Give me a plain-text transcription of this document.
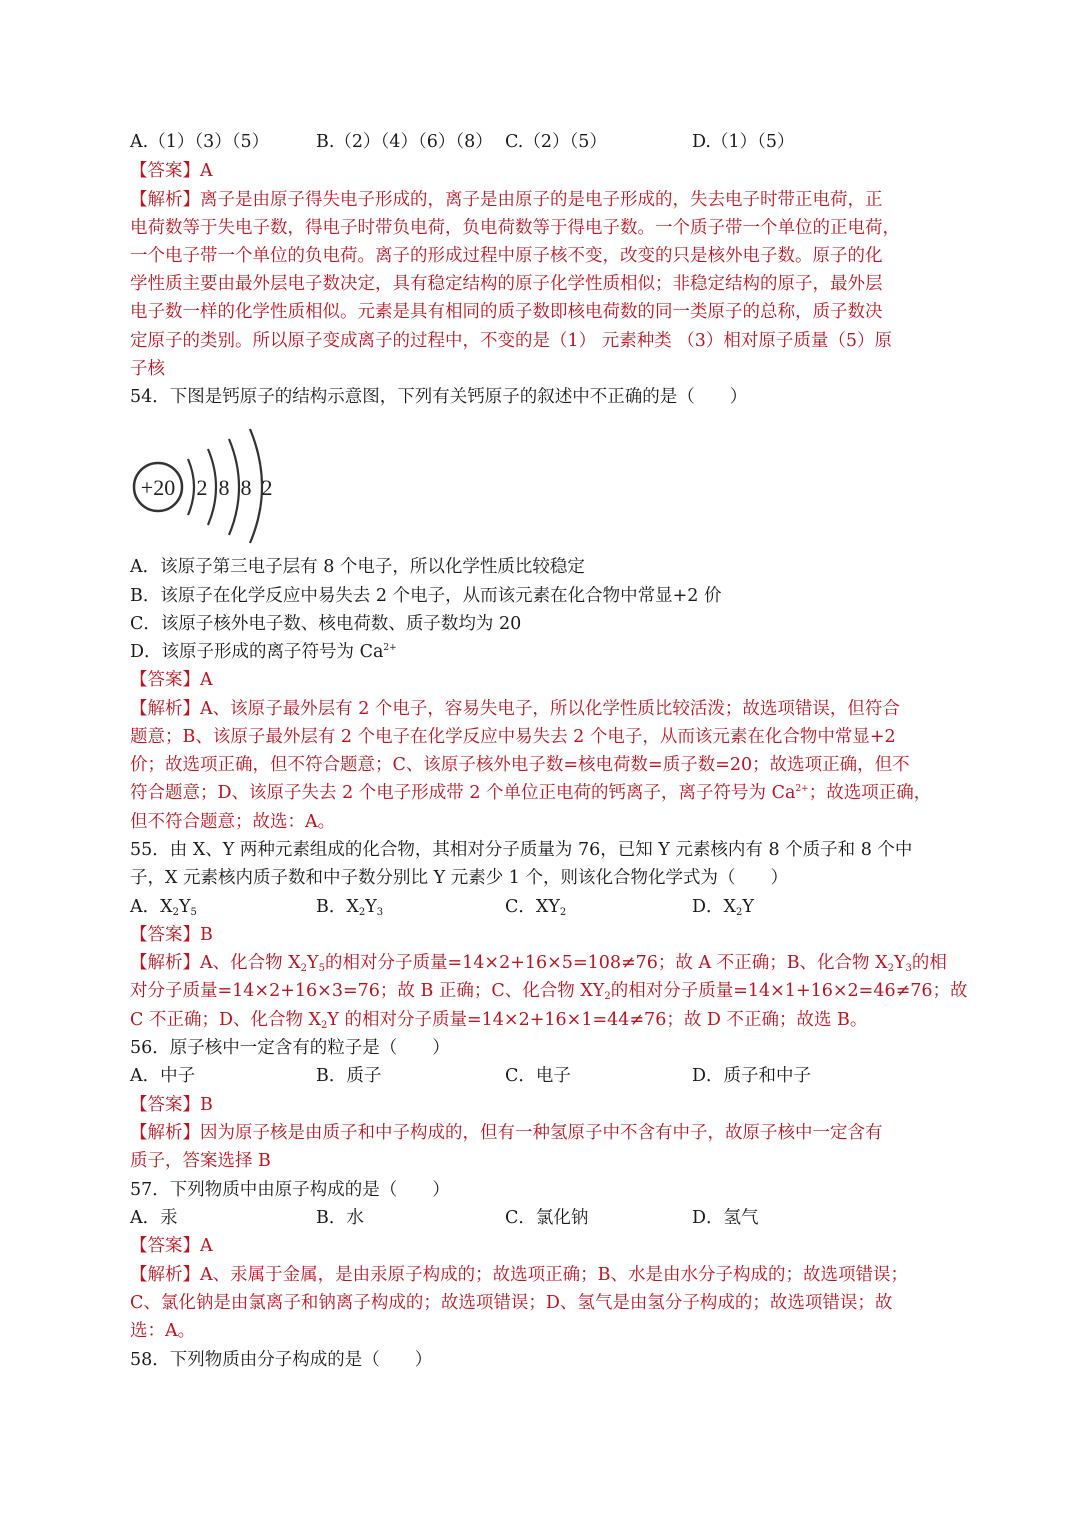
A.（1）（3）（5）	B.（2）（4）（6）（8） C.（2）（5）	D.（1）（5）
【答案】A
【解析】离子是由原子得失电子形成的，离子是由原子的是电子形成的，失去电子时带正电荷，正
电荷数等于失电子数，得电子时带负电荷，负电荷数等于得电子数。一个质子带一个单位的正电荷，
一个电子带一个单位的负电荷。离子的形成过程中原子核不变，改变的只是核外电子数。原子的化
学性质主要由最外层电子数决定，具有稳定结构的原子化学性质相似；非稳定结构的原子，最外层
电子数一样的化学性质相似。元素是具有相同的质子数即核电荷数的同一类原子的总称，质子数决
定原子的类别。所以原子变成离子的过程中，不变的是（1） 元素种类 （3）相对原子质量（5）原
子核
54．下图是钙原子的结构示意图，下列有关钙原子的叙述中不正确的是（　　）
+20 2 8 8 2
A．该原子第三电子层有 8 个电子，所以化学性质比较稳定
B．该原子在化学反应中易失去 2 个电子，从而该元素在化合物中常显+2 价
C．该原子核外电子数、核电荷数、质子数均为 20
D．该原子形成的离子符号为 $Ca^{2+}$
【答案】A
【解析】A、该原子最外层有 2 个电子，容易失电子，所以化学性质比较活泼；故选项错误，但符合
题意；B、该原子最外层有 2 个电子在化学反应中易失去 2 个电子，从而该元素在化合物中常显+2
价；故选项正确，但不符合题意；C、该原子核外电子数=核电荷数=质子数=20；故选项正确，但不
符合题意；D、该原子失去 2 个电子形成带 2 个单位正电荷的钙离子，离子符号为 $Ca^{2+}$；故选项正确，
但不符合题意；故选：A。
55．由 X、Y 两种元素组成的化合物，其相对分子质量为 76，已知 Y 元素核内有 8 个质子和 8 个中
子，X 元素核内质子数和中子数分别比 Y 元素少 1 个，则该化合物化学式为（　　）
A．$X_2Y_5$	B．$X_2Y_3$	C．$XY_2$	D．$X_2Y$
【答案】B
【解析】A、化合物 $X_2Y_5$的相对分子质量=14×2+16×5=108≠76；故 A 不正确；B、化合物 $X_2Y_3$的相
对分子质量=14×2+16×3=76；故 B 正确；C、化合物 $XY_2$的相对分子质量=14×1+16×2=46≠76；故
C 不正确；D、化合物 $X_2Y$ 的相对分子质量=14×2+16×1=44≠76；故 D 不正确；故选 B。
56．原子核中一定含有的粒子是（　　）
A．中子	B．质子	C．电子	D．质子和中子
【答案】B
【解析】因为原子核是由质子和中子构成的，但有一种氢原子中不含有中子，故原子核中一定含有
质子，答案选择 B
57．下列物质中由原子构成的是（　　）
A．汞	B．水	C．氯化钠	D．氢气
【答案】A
【解析】A、汞属于金属，是由汞原子构成的；故选项正确；B、水是由水分子构成的；故选项错误；
C、氯化钠是由氯离子和钠离子构成的；故选项错误；D、氢气是由氢分子构成的；故选项错误；故
选：A。
58．下列物质由分子构成的是（　　）
